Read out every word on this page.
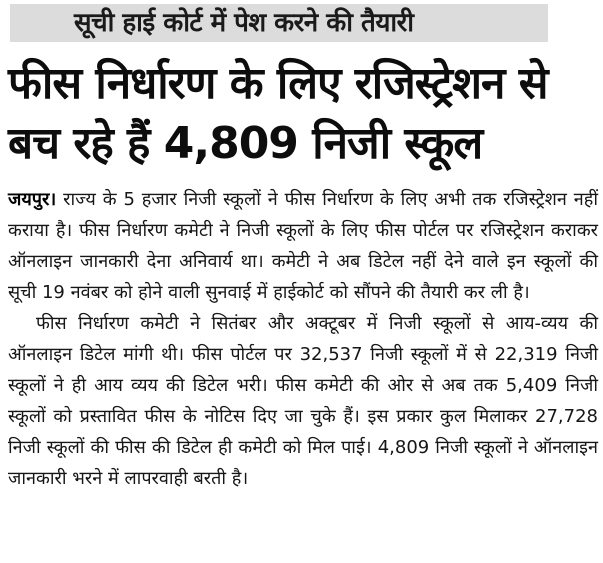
सूची हाई कोर्ट में पेश करने की तैयारी
फीस निर्धारण के लिए रजिस्ट्रेशन से
बच रहे हैं 4,809 निजी स्कूल

जयपुर। राज्य के 5 हजार निजी स्कूलों ने फीस निर्धारण के लिए अभी तक रजिस्ट्रेशन नहीं कराया है। फीस निर्धारण कमेटी ने निजी स्कूलों के लिए फीस पोर्टल पर रजिस्ट्रेशन कराकर ऑनलाइन जानकारी देना अनिवार्य था। कमेटी ने अब डिटेल नहीं देने वाले इन स्कूलों की सूची 19 नवंबर को होने वाली सुनवाई में हाईकोर्ट को सौंपने की तैयारी कर ली है।

फीस निर्धारण कमेटी ने सितंबर और अक्टूबर में निजी स्कूलों से आय-व्यय की ऑनलाइन डिटेल मांगी थी। फीस पोर्टल पर 32,537 निजी स्कूलों में से 22,319 निजी स्कूलों ने ही आय व्यय की डिटेल भरी। फीस कमेटी की ओर से अब तक 5,409 निजी स्कूलों को प्रस्तावित फीस के नोटिस दिए जा चुके हैं। इस प्रकार कुल मिलाकर 27,728 निजी स्कूलों की फीस की डिटेल ही कमेटी को मिल पाई। 4,809 निजी स्कूलों ने ऑनलाइन जानकारी भरने में लापरवाही बरती है।
